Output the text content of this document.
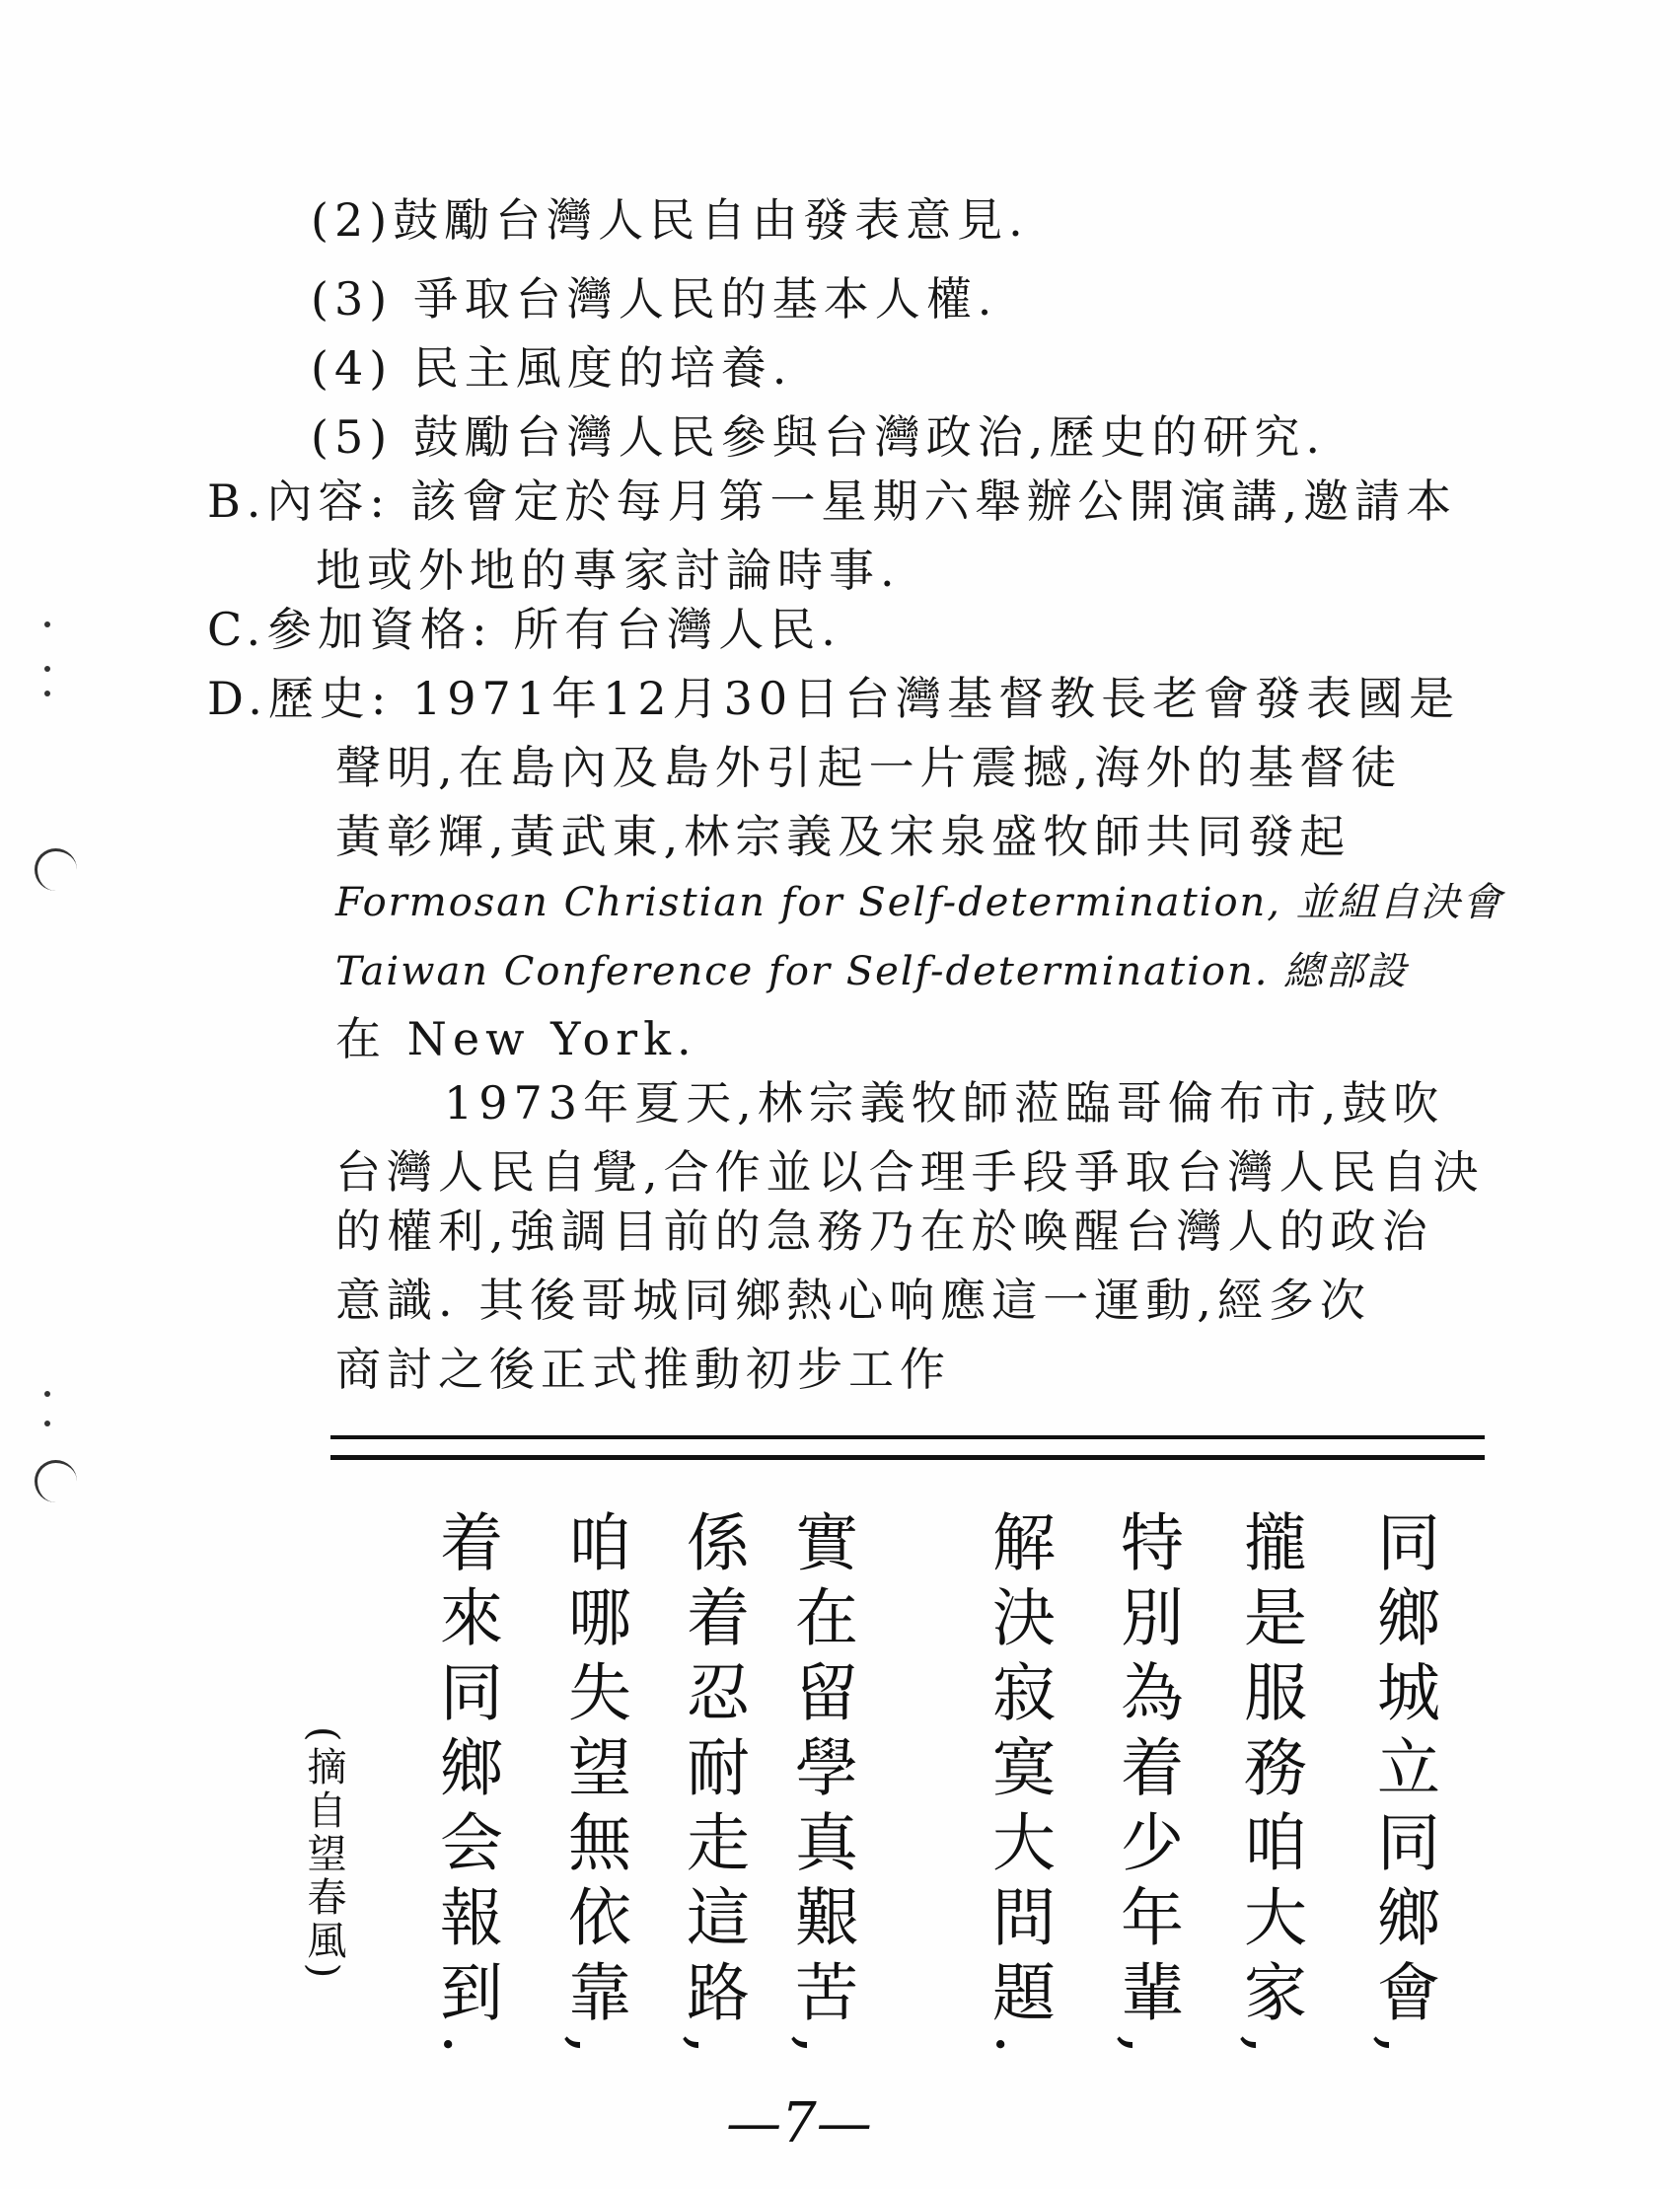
(2)鼓勵台灣人民自由發表意見.
(3) 爭取台灣人民的基本人權.
(4) 民主風度的培養.
(5) 鼓勵台灣人民參與台灣政治,歷史的研究.
B.內容: 該會定於每月第一星期六舉辦公開演講,邀請本
地或外地的專家討論時事.
C.參加資格: 所有台灣人民.
D.歷史: 1971年12月30日台灣基督教長老會發表國是
聲明,在島內及島外引起一片震撼,海外的基督徒
黃彰輝,黃武東,林宗義及宋泉盛牧師共同發起
Formosan Christian for Self-determination, 並組自決會
Taiwan Conference for Self-determination. 總部設
在 New York.
1973年夏天,林宗義牧師蒞臨哥倫布市,鼓吹
台灣人民自覺,合作並以合理手段爭取台灣人民自決
的權利,強調目前的急務乃在於喚醒台灣人的政治
意識. 其後哥城同鄉熱心响應這一運動,經多次
商討之後正式推動初步工作
同鄉城立同鄉會,
攏是服務咱大家,
特別為着少年輩,
解決寂寞大問題.
實在留學真艱苦,
係着忍耐走這路,
咱哪失望無依靠,
着來同鄉会報到.
(摘自望春風)
—7—
